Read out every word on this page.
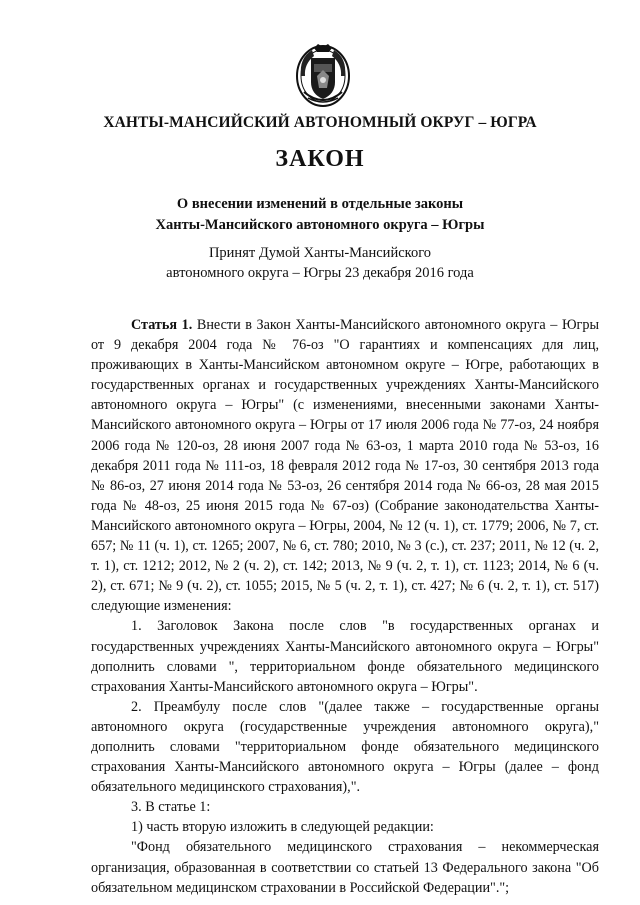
ХАНТЫ-МАНСИЙСКИЙ АВТОНОМНЫЙ ОКРУГ – ЮГРА
ЗАКОН
О внесении изменений в отдельные законы
Ханты-Мансийского автономного округа – Югры
Принят Думой Ханты-Мансийского
автономного округа – Югры 23 декабря 2016 года

Статья 1. Внести в Закон Ханты-Мансийского автономного округа – Югры от 9 декабря 2004 года № 76-оз "О гарантиях и компенсациях для лиц, проживающих в Ханты-Мансийском автономном округе – Югре, работающих в государственных органах и государственных учреждениях Ханты-Мансийского автономного округа – Югры" (с изменениями, внесенными законами Ханты-Мансийского автономного округа – Югры от 17 июля 2006 года № 77-оз, 24 ноября 2006 года № 120-оз, 28 июня 2007 года № 63-оз, 1 марта 2010 года № 53-оз, 16 декабря 2011 года № 111-оз, 18 февраля 2012 года № 17-оз, 30 сентября 2013 года № 86-оз, 27 июня 2014 года № 53-оз, 26 сентября 2014 года № 66-оз, 28 мая 2015 года № 48-оз, 25 июня 2015 года № 67-оз) (Собрание законодательства Ханты-Мансийского автономного округа – Югры, 2004, № 12 (ч. 1), ст. 1779; 2006, № 7, ст. 657; № 11 (ч. 1), ст. 1265; 2007, № 6, ст. 780; 2010, № 3 (с.), ст. 237; 2011, № 12 (ч. 2, т. 1), ст. 1212; 2012, № 2 (ч. 2), ст. 142; 2013, № 9 (ч. 2, т. 1), ст. 1123; 2014, № 6 (ч. 2), ст. 671; № 9 (ч. 2), ст. 1055; 2015, № 5 (ч. 2, т. 1), ст. 427; № 6 (ч. 2, т. 1), ст. 517) следующие изменения:

1. Заголовок Закона после слов "в государственных органах и государственных учреждениях Ханты-Мансийского автономного округа – Югры" дополнить словами ", территориальном фонде обязательного медицинского страхования Ханты-Мансийского автономного округа – Югры".

2. Преамбулу после слов "(далее также – государственные органы автономного округа (государственные учреждения автономного округа)," дополнить словами "территориальном фонде обязательного медицинского страхования Ханты-Мансийского автономного округа – Югры (далее – фонд обязательного медицинского страхования),".

3. В статье 1:

1) часть вторую изложить в следующей редакции:

"Фонд обязательного медицинского страхования – некоммерческая организация, образованная в соответствии со статьей 13 Федерального закона "Об обязательном медицинском страховании в Российской Федерации".";
